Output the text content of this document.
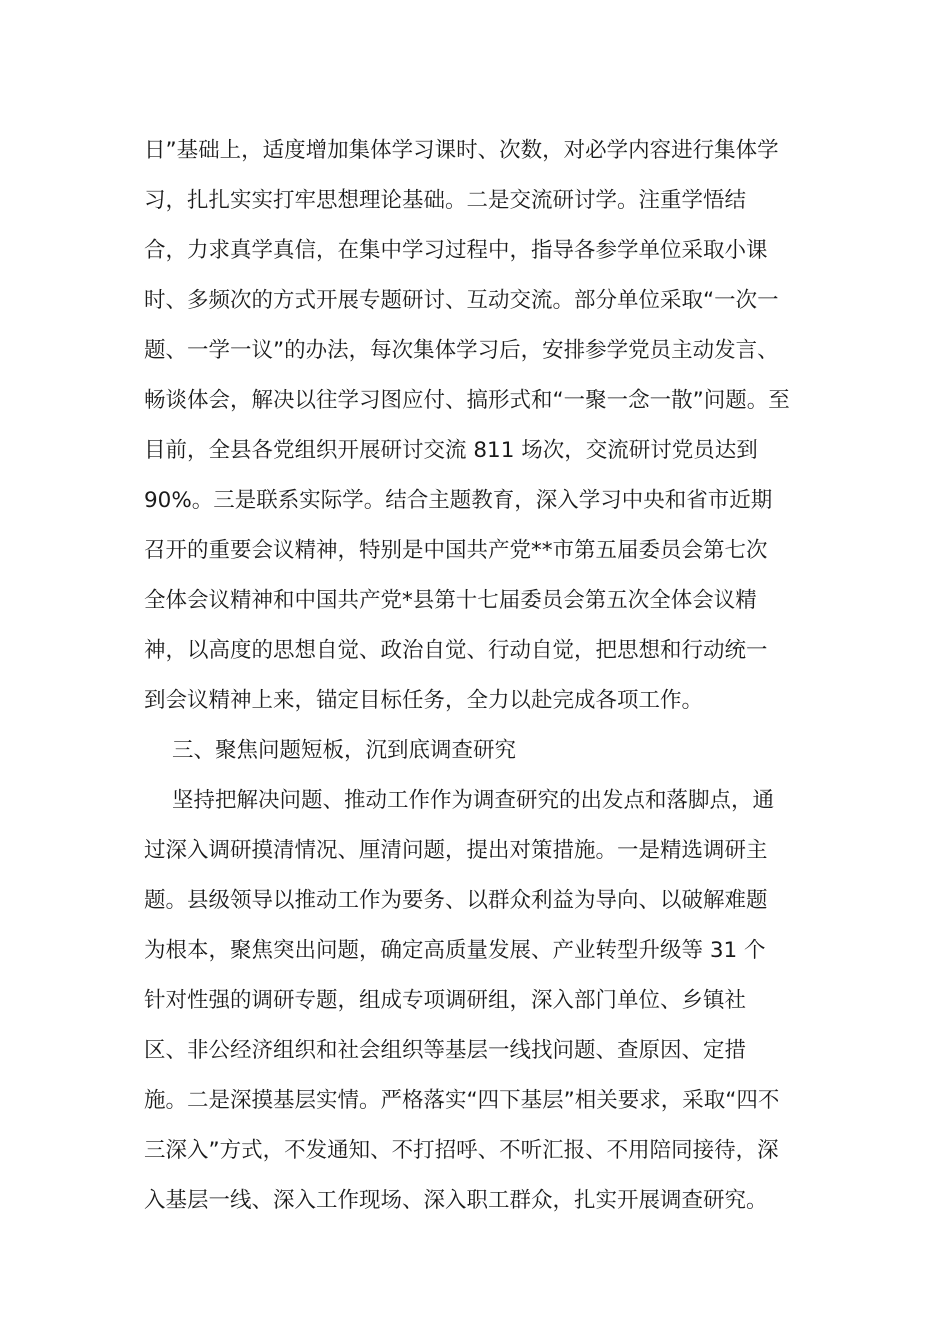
日”基础上，适度增加集体学习课时、次数，对必学内容进行集体学
习，扎扎实实打牢思想理论基础。二是交流研讨学。注重学悟结
合，力求真学真信，在集中学习过程中，指导各参学单位采取小课
时、多频次的方式开展专题研讨、互动交流。部分单位采取“一次一
题、一学一议”的办法，每次集体学习后，安排参学党员主动发言、
畅谈体会，解决以往学习图应付、搞形式和“一聚一念一散”问题。至
目前，全县各党组织开展研讨交流 811 场次，交流研讨党员达到
90%。三是联系实际学。结合主题教育，深入学习中央和省市近期
召开的重要会议精神，特别是中国共产党**市第五届委员会第七次
全体会议精神和中国共产党*县第十七届委员会第五次全体会议精
神，以高度的思想自觉、政治自觉、行动自觉，把思想和行动统一
到会议精神上来，锚定目标任务，全力以赴完成各项工作。
三、聚焦问题短板，沉到底调查研究
坚持把解决问题、推动工作作为调查研究的出发点和落脚点，通
过深入调研摸清情况、厘清问题，提出对策措施。一是精选调研主
题。县级领导以推动工作为要务、以群众利益为导向、以破解难题
为根本，聚焦突出问题，确定高质量发展、产业转型升级等 31 个
针对性强的调研专题，组成专项调研组，深入部门单位、乡镇社
区、非公经济组织和社会组织等基层一线找问题、查原因、定措
施。二是深摸基层实情。严格落实“四下基层”相关要求，采取“四不
三深入”方式，不发通知、不打招呼、不听汇报、不用陪同接待，深
入基层一线、深入工作现场、深入职工群众，扎实开展调查研究。
